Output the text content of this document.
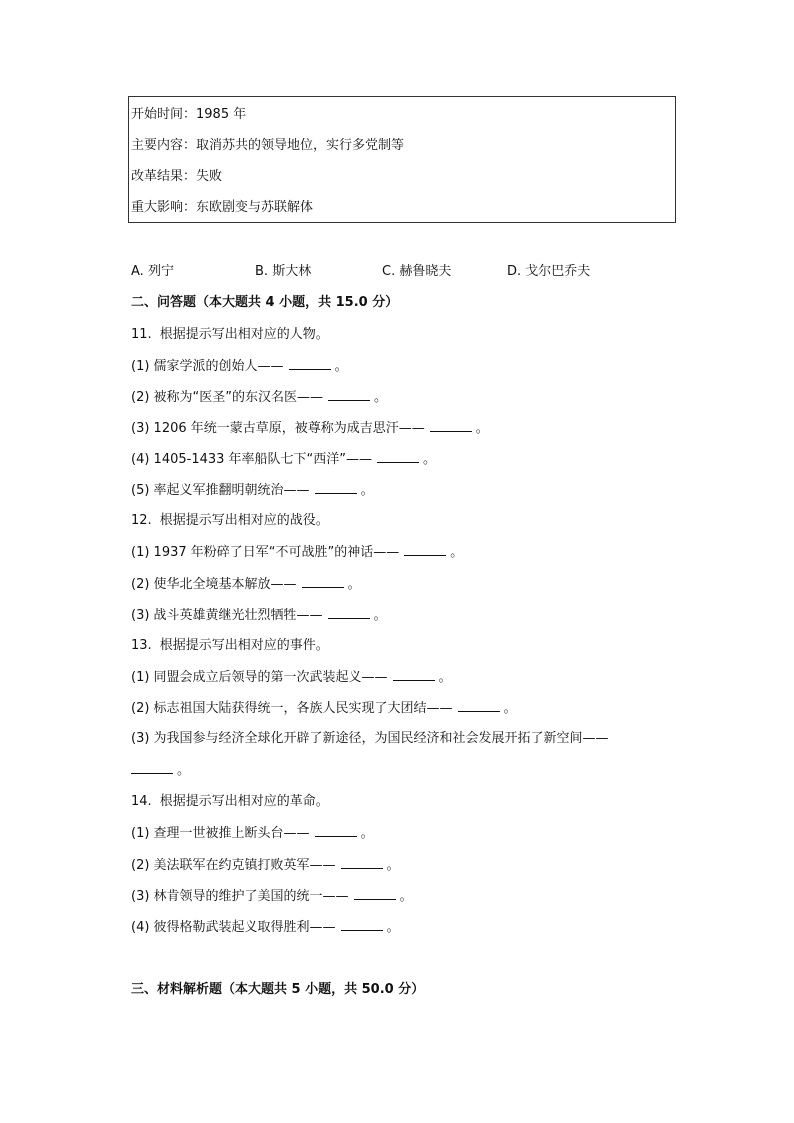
开始时间：1985 年
主要内容：取消苏共的领导地位，实行多党制等
改革结果：失败
重大影响：东欧剧变与苏联解体
A. 列宁	B. 斯大林	C. 赫鲁晓夫	D. 戈尔巴乔夫
二、问答题（本大题共 4 小题，共 15.0 分）
11. 根据提示写出相对应的人物。
(1) 儒家学派的创始人——	。
(2) 被称为“医圣”的东汉名医——	。
(3) 1206 年统一蒙古草原，被尊称为成吉思汗——	。
(4) 1405-1433 年率船队七下“西洋”——	。
(5) 率起义军推翻明朝统治——	。
12. 根据提示写出相对应的战役。
(1) 1937 年粉碎了日军“不可战胜”的神话——	。
(2) 使华北全境基本解放——	。
(3) 战斗英雄黄继光壮烈牺牲——	。
13. 根据提示写出相对应的事件。
(1) 同盟会成立后领导的第一次武装起义——	。
(2) 标志祖国大陆获得统一，各族人民实现了大团结——	。
(3) 为我国参与经济全球化开辟了新途径，为国民经济和社会发展开拓了新空间——
。
14. 根据提示写出相对应的革命。
(1) 查理一世被推上断头台——	。
(2) 美法联军在约克镇打败英军——	。
(3) 林肯领导的维护了美国的统一——	。
(4) 彼得格勒武装起义取得胜利——	。
三、材料解析题（本大题共 5 小题，共 50.0 分）
